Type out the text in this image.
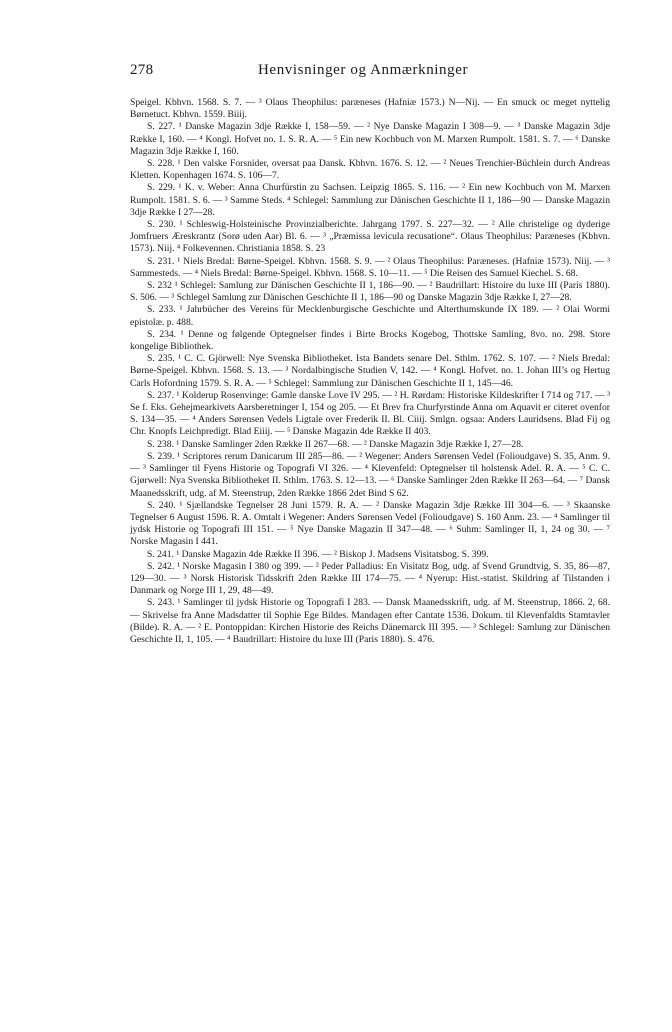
278	Henvisninger og Anmærkninger

Speigel. Kbhvn. 1568. S. 7. — ³ Olaus Theophilus: paræneses (Hafniæ 1573.) N—Nij. — En smuck oc meget nyttelig Børnetuct. Kbhvn. 1559. Biiij.

S. 227. ¹ Danske Magazin 3dje Række I, 158—59. — ² Nye Danske Magazin I 308—9. — ³ Danske Magazin 3dje Række I, 160. — ⁴ Kongl. Hofvet no. 1. S. R. A. — ⁵ Ein new Kochbuch von M. Marxen Rumpolt. 1581. S. 7. — ⁶ Danske Magazin 3dje Række I, 160.

S. 228. ¹ Den valske Forsnider, oversat paa Dansk. Kbhvn. 1676. S. 12. — ² Neues Trenchier-Büchlein durch Andreas Kletten. Kopenhagen 1674. S. 106—7.

S. 229. ¹ K. v. Weber: Anna Churfürstin zu Sachsen. Leipzig 1865. S. 116. — ² Ein new Kochbuch von M. Marxen Rumpolt. 1581. S. 6. — ³ Samme Steds. ⁴ Schlegel: Sammlung zur Dänischen Geschichte II 1, 186—90 — Danske Magazin 3dje Række I 27—28.

S. 230. ¹ Schleswig-Holsteinische Provinzialberichte. Jahrgang 1797. S. 227—32. — ² Alle christelige og dyderige Jomfruers Æreskrantz (Sorø uden Aar) Bl. 6. — ³ „Præmissa levicula recusatione“. Olaus Theophilus: Paræneses (Kbhvn. 1573). Niij. ⁴ Folkevennen. Christiania 1858. S. 23

S. 231. ¹ Niels Bredal: Børne-Speigel. Kbhvn. 1568. S. 9. — ² Olaus Theophilus: Paræneses. (Hafniæ 1573). Niij. — ³ Sammesteds. — ⁴ Niels Bredal: Børne-Speigel. Kbhvn. 1568. S. 10—11. — ⁵ Die Reisen des Samuel Kiechel. S. 68.

S. 232 ¹ Schlegel: Samlung zur Dänischen Geschichte II 1, 186—90. — ² Baudrillart: Histoire du luxe III (Paris 1880). S. 506. — ³ Schlegel Samlung zur Dänischen Geschichte II 1, 186—90 og Danske Magazin 3dje Række I, 27—28.

S. 233. ¹ Jahrbücher des Vereins für Mecklenburgische Geschichte und Alterthumskunde IX 189. — ² Olai Wormi epistolæ. p. 488.

S. 234. ¹ Denne og følgende Optegnelser findes i Birte Brocks Kogebog, Thottske Samling, 8vo. no. 298. Store kongelige Bibliothek.

S. 235. ¹ C. C. Gjörwell: Nye Svenska Bibliotheket. Ista Bandets senare Del. Sthlm. 1762. S. 107. — ² Niels Bredal: Børne-Speigel. Kbhvn. 1568. S. 13. — ³ Nordalbingische Studien V, 142. — ⁴ Kongl. Hofvet. no. 1. Johan III’s og Hertug Carls Hofordning 1579. S. R. A. — ⁵ Schlegel: Sammlung zur Dänischen Geschichte II 1, 145—46.

S. 237. ¹ Kolderup Rosenvinge: Gamle danske Love IV 295. — ² H. Rørdam: Historiske Kildeskrifter I 714 og 717. — ³ Se f. Eks. Gehejmearkivets Aarsberetninger I, 154 og 205. — Et Brev fra Churfyrstinde Anna om Aquavit er citeret ovenfor S. 134—35. — ⁴ Anders Sørensen Vedels Ligtale over Frederik II. Bl. Ciiij. Smlgn. ogsaa: Anders Lauridsens. Blad Fij og Chr. Knopfs Leichpredigt. Blad Eiiij. — ⁵ Danske Magazin 4de Række II 403.

S. 238. ¹ Danske Samlinger 2den Række II 267—68. — ² Danske Magazin 3dje Række I, 27—28.

S. 239. ¹ Scriptores rerum Danicarum III 285—86. — ² Wegener: Anders Sørensen Vedel (Folioudgave) S. 35, Anm. 9. — ³ Samlinger til Fyens Historie og Topografi VI 326. — ⁴ Klevenfeld: Optegnelser til holstensk Adel. R. A. — ⁵ C. C. Gjørwell: Nya Svenska Bibliotheket II. Sthlm. 1763. S. 12—13. — ⁶ Danske Samlinger 2den Række II 263—64. — ⁷ Dansk Maanedsskrift, udg. af M. Steenstrup, 2den Række 1866 2det Bind S 62.

S. 240. ¹ Sjællandske Tegnelser 28 Juni 1579. R. A. — ² Danske Magazin 3dje Række III 304—6. — ³ Skaanske Tegnelser 6 August 1596. R. A. Omtalt i Wegener: Anders Sørensen Vedel (Folioudgave) S. 160 Anm. 23. — ⁴ Samlinger til jydsk Historie og Topografi III 151. — ⁵ Nye Danske Magazin II 347—48. — ⁶ Suhm: Samlinger II, 1, 24 og 30. — ⁷ Norske Magasin I 441.

S. 241. ¹ Danske Magazin 4de Række II 396. — ² Biskop J. Madsens Visitatsbog. S. 399.

S. 242. ¹ Norske Magasin I 380 og 399. — ² Peder Palladius: En Visitatz Bog, udg. af Svend Grundtvig, S. 35, 86—87, 129—30. — ³ Norsk Historisk Tidsskrift 2den Række III 174—75. — ⁴ Nyerup: Hist.-statist. Skildring af Tilstanden i Danmark og Norge III 1, 29, 48—49.

S. 243. ¹ Samlinger til jydsk Historie og Topografi I 283. — Dansk Maanedsskrift, udg. af M. Steenstrup, 1866. 2, 68. — Skrivelse fra Anne Madsdatter til Sophie Ege Bildes. Mandagen efter Cantate 1536. Dokum. til Klevenfaldts Stamtavler (Bilde). R. A. — ² E. Pontoppidan: Kirchen Historie des Reichs Dänemarck III 395. — ³ Schlegel: Samlung zur Dänischen Geschichte II, 1, 105. — ⁴ Baudrillart: Histoire du luxe III (Paris 1880). S. 476.
